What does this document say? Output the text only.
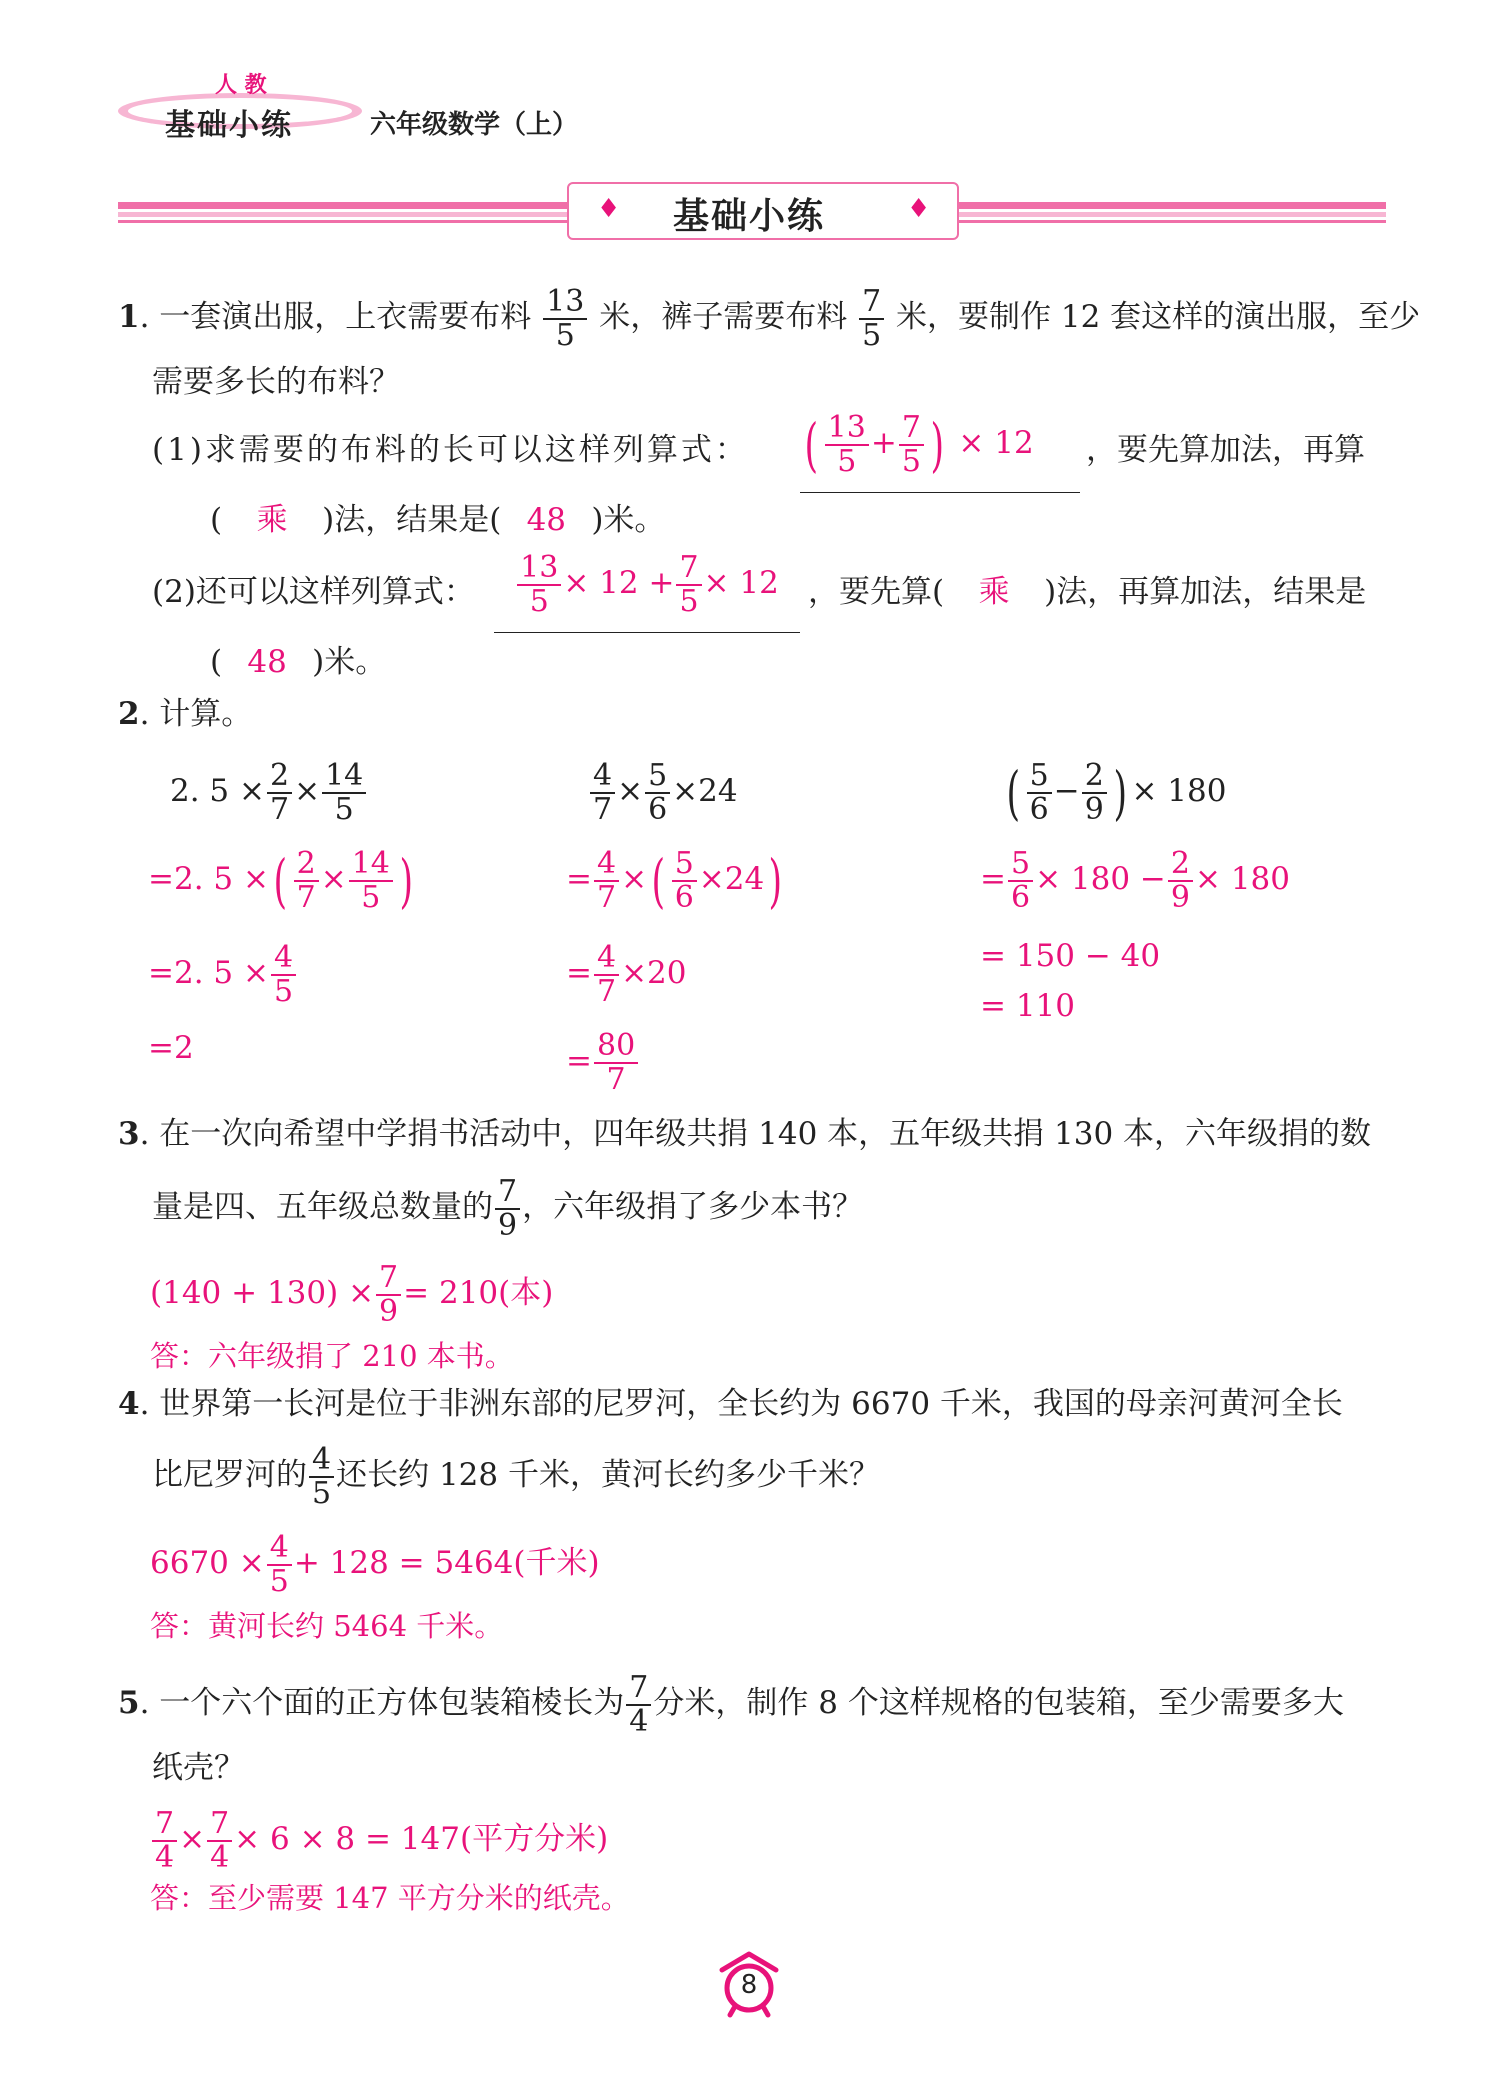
人 教
基础小练	六年级数学（上）
♦ 基础小练	♦
1. 一套演出服，上衣需要布料 $\frac{13}{5}$ 米，裤子需要布料 $\frac{7}{5}$ 米，要制作 12 套这样的演出服，至少
需要多长的布料？
(1)求需要的布料的长可以这样列算式： ( $\frac{13}{5} + \frac{7}{5}$ ) × 12	，要先算加法，再算
( 乘 )法，结果是( 48 )米。
(2)还可以这样列算式： $\frac{13}{5} \times 12 + \frac{7}{5} \times 12$ ，要先算( 乘 )法，再算加法，结果是
( 48 )米。
2. 计算。
2. $5 \times \frac{2}{7} \times \frac{14}{5}$
=2. 5 ×( $\frac{2}{7} \times \frac{14}{5}$ )
=2. $5 \times \frac{4}{5}$
=2
$\frac{4}{7} \times \frac{5}{6} \times 24$
= $\frac{4}{7}$ ×( $\frac{5}{6} \times 24$)
= $\frac{4}{7} \times 20$
= $\frac{80}{7}$
( $\frac{5}{6} - \frac{2}{9}$ ) × 180
= $\frac{5}{6} \times 180 - \frac{2}{9} \times 180$
= 150 − 40
= 110
3. 在一次向希望中学捐书活动中，四年级共捐 140 本，五年级共捐 130 本，六年级捐的数
量是四、五年级总数量的 $\frac{7}{9}$ ，六年级捐了多少本书？
$(140 + 130) \times \frac{7}{9} = 210$(本)
答：六年级捐了 210 本书。
4. 世界第一长河是位于非洲东部的尼罗河，全长约为 6670 千米，我国的母亲河黄河全长
比尼罗河的 $\frac{4}{5}$ 还长约 128 千米，黄河长约多少千米？
$6670 \times \frac{4}{5} + 128 = 5464$(千米)
答：黄河长约 5464 千米。
5. 一个六个面的正方体包装箱棱长为 $\frac{7}{4}$ 分米，制作 8 个这样规格的包装箱，至少需要多大
纸壳？
$\frac{7}{4} \times \frac{7}{4} \times 6 \times 8 = 147$(平方分米)
答：至少需要 147 平方分米的纸壳。
8
